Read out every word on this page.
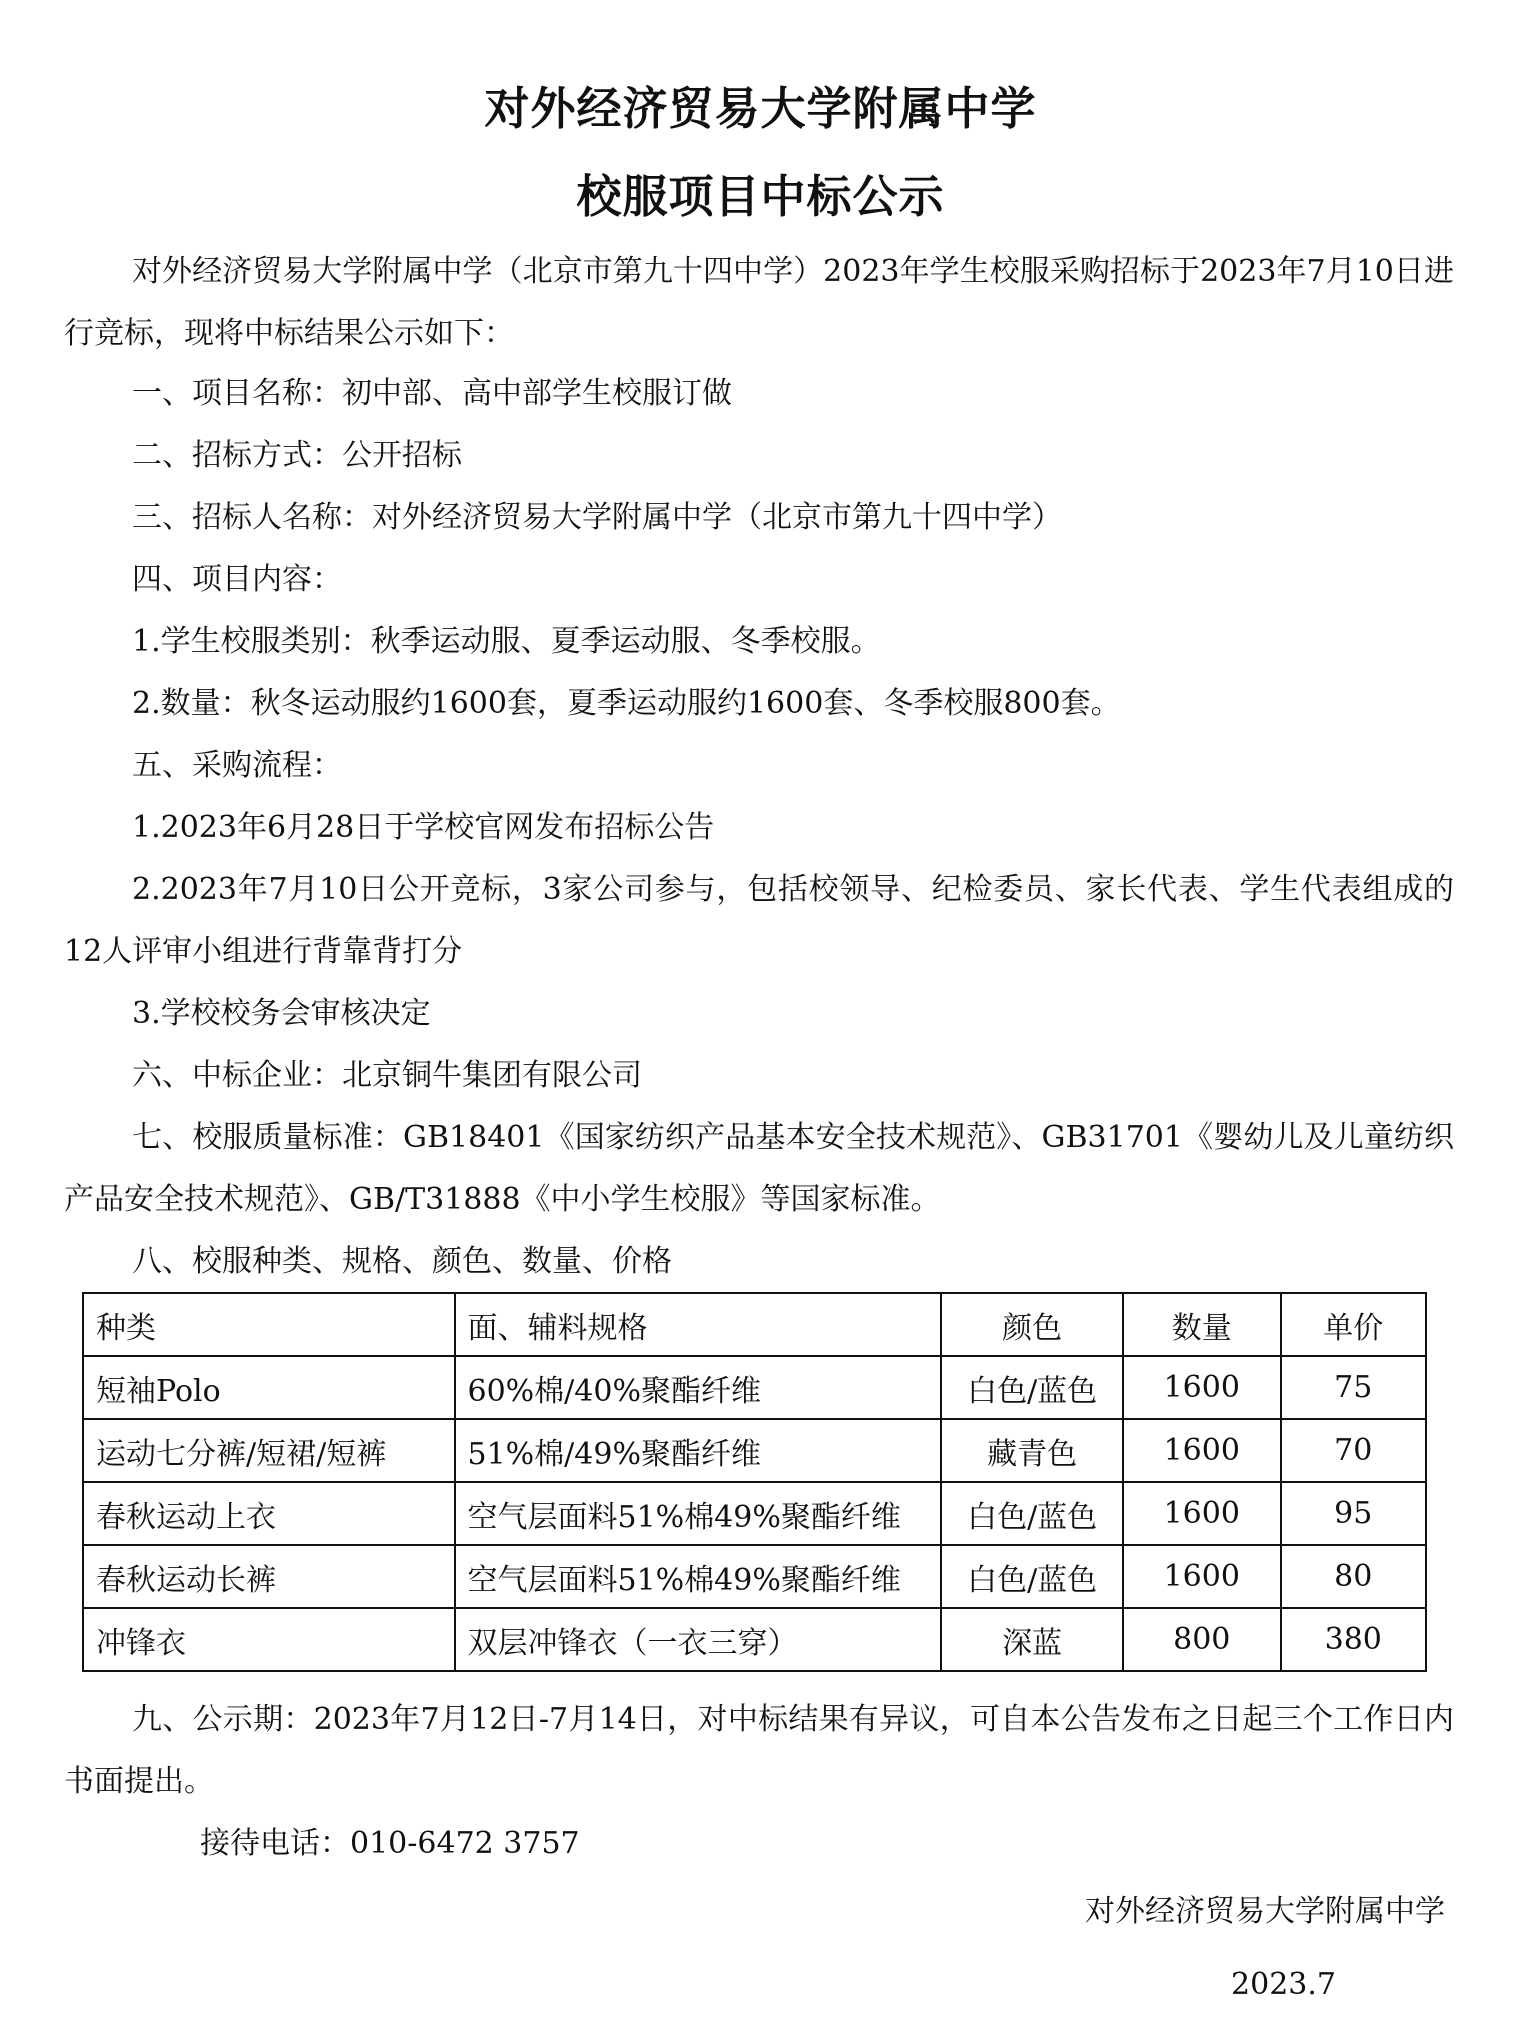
对外经济贸易大学附属中学
校服项目中标公示

对外经济贸易大学附属中学（北京市第九十四中学）2023年学生校服采购招标于2023年7月10日进行竞标，现将中标结果公示如下：

一、项目名称：初中部、高中部学生校服订做

二、招标方式：公开招标

三、招标人名称：对外经济贸易大学附属中学（北京市第九十四中学）

四、项目内容：

1.学生校服类别：秋季运动服、夏季运动服、冬季校服。

2.数量：秋冬运动服约1600套，夏季运动服约1600套、冬季校服800套。

五、采购流程：

1.2023年6月28日于学校官网发布招标公告

2.2023年7月10日公开竞标，3家公司参与，包括校领导、纪检委员、家长代表、学生代表组成的12人评审小组进行背靠背打分

3.学校校务会审核决定

六、中标企业：北京铜牛集团有限公司

七、校服质量标准：GB18401《国家纺织产品基本安全技术规范》、GB31701《婴幼儿及儿童纺织产品安全技术规范》、GB/T31888《中小学生校服》等国家标准。

八、校服种类、规格、颜色、数量、价格

种类	面、辅料规格	颜色	数量	单价
短袖Polo	60%棉/40%聚酯纤维	白色/蓝色	1600	75
运动七分裤/短裙/短裤	51%棉/49%聚酯纤维	藏青色	1600	70
春秋运动上衣	空气层面料51%棉49%聚酯纤维	白色/蓝色	1600	95
春秋运动长裤	空气层面料51%棉49%聚酯纤维	白色/蓝色	1600	80
冲锋衣	双层冲锋衣（一衣三穿）	深蓝	800	380

九、公示期：2023年7月12日-7月14日，对中标结果有异议，可自本公告发布之日起三个工作日内书面提出。

接待电话：010-6472 3757

对外经济贸易大学附属中学
2023.7
